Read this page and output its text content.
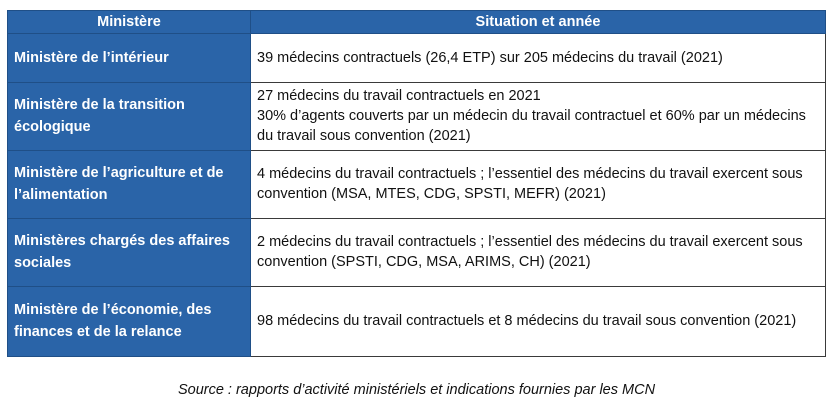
Ministère	Situation et année
Ministère de l’intérieur	39 médecins contractuels (26,4 ETP) sur 205 médecins du travail (2021)

Ministère de la transition écologique	27 médecins du travail contractuels en 2021
30% d’agents couverts par un médecin du travail contractuel et 60% par un médecins du travail sous convention (2021)

Ministère de l’agriculture et de l’alimentation	4 médecins du travail contractuels ; l’essentiel des médecins du travail exercent sous convention (MSA, MTES, CDG, SPSTI, MEFR) (2021)

Ministères chargés des affaires sociales	2 médecins du travail contractuels ; l’essentiel des médecins du travail exercent sous convention (SPSTI, CDG, MSA, ARIMS, CH) (2021)

Ministère de l’économie, des finances et de la relance	98 médecins du travail contractuels et 8 médecins du travail sous convention (2021)
Source : rapports d’activité ministériels et indications fournies par les MCN
